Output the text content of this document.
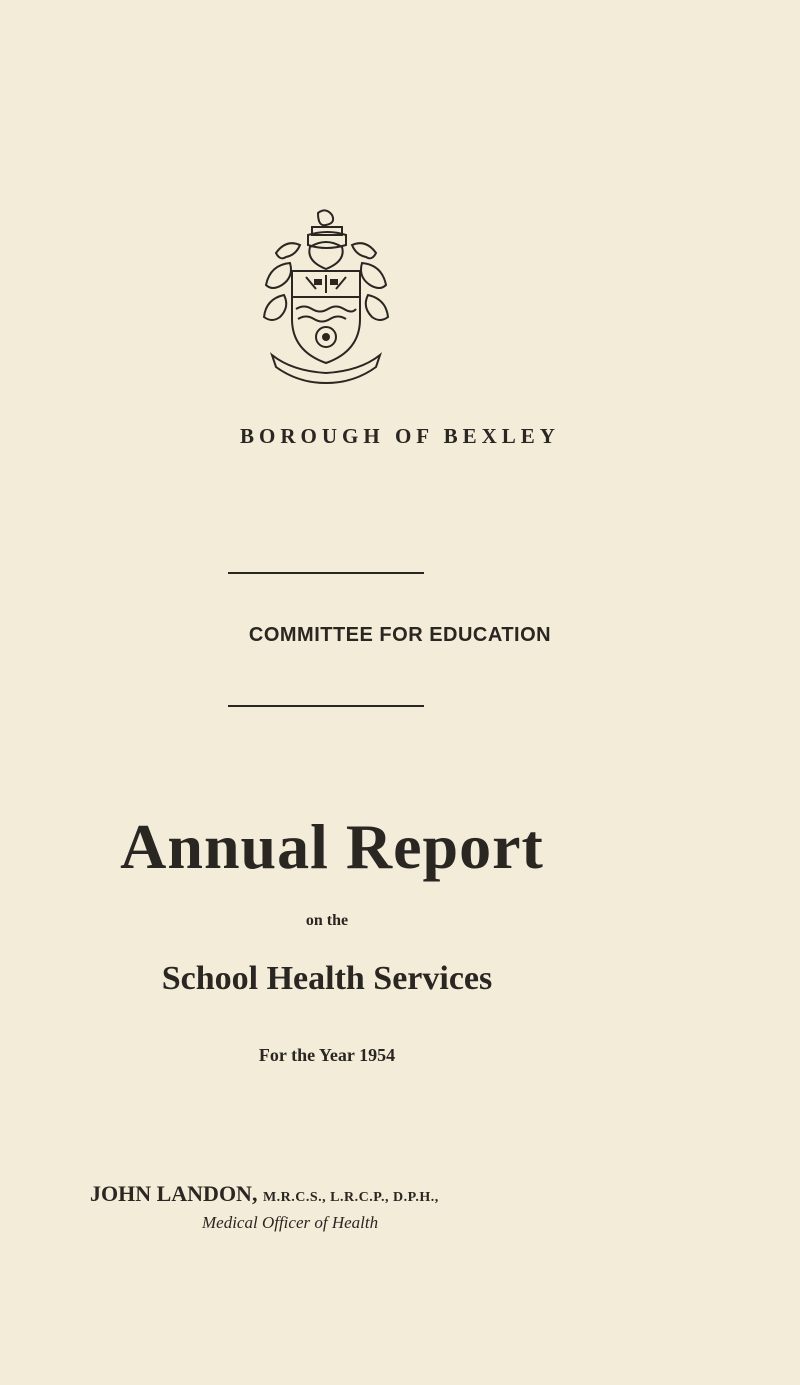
BOROUGH OF BEXLEY
COMMITTEE FOR EDUCATION
Annual Report
on the
School Health Services
For the Year 1954
JOHN LANDON, M.R.C.S., L.R.C.P., D.P.H.,
Medical Officer of Health
